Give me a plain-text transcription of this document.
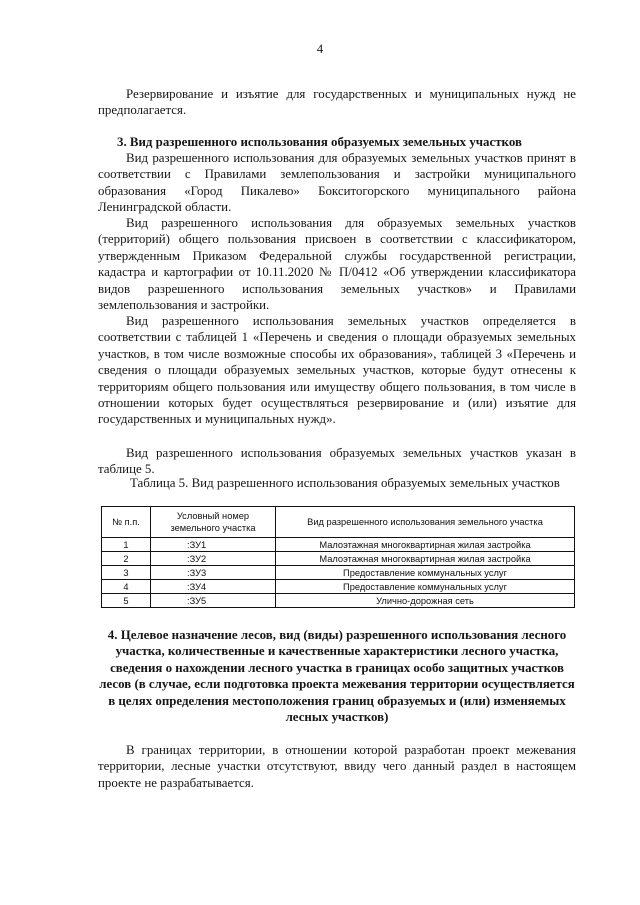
4

Резервирование и изъятие для государственных и муниципальных нужд не предполагается.

3. Вид разрешенного использования образуемых земельных участков

Вид разрешенного использования для образуемых земельных участков принят в соответствии с Правилами землепользования и застройки муниципального образования «Город Пикалево» Бокситогорского муниципального района Ленинградской области.

Вид разрешенного использования для образуемых земельных участков (территорий) общего пользования присвоен в соответствии с классификатором, утвержденным Приказом Федеральной службы государственной регистрации, кадастра и картографии от 10.11.2020 № П/0412 «Об утверждении классификатора видов разрешенного использования земельных участков» и Правилами землепользования и застройки.

Вид разрешенного использования земельных участков определяется в соответствии с таблицей 1 «Перечень и сведения о площади образуемых земельных участков, в том числе возможные способы их образования», таблицей 3 «Перечень и сведения о площади образуемых земельных участков, которые будут отнесены к территориям общего пользования или имуществу общего пользования, в том числе в отношении которых будет осуществляться резервирование и (или) изъятие для государственных и муниципальных нужд».

Вид разрешенного использования образуемых земельных участков указан в таблице 5.

Таблица 5. Вид разрешенного использования образуемых земельных участков

№ п.п.	Условный номер земельного участка	Вид разрешенного использования земельного участка
1	:ЗУ1	Малоэтажная многоквартирная жилая застройка
2	:ЗУ2	Малоэтажная многоквартирная жилая застройка
3	:ЗУ3	Предоставление коммунальных услуг
4	:ЗУ4	Предоставление коммунальных услуг
5	:ЗУ5	Улично-дорожная сеть

4. Целевое назначение лесов, вид (виды) разрешенного использования лесного участка, количественные и качественные характеристики лесного участка, сведения о нахождении лесного участка в границах особо защитных участков лесов (в случае, если подготовка проекта межевания территории осуществляется в целях определения местоположения границ образуемых и (или) изменяемых лесных участков)

В границах территории, в отношении которой разработан проект межевания территории, лесные участки отсутствуют, ввиду чего данный раздел в настоящем проекте не разрабатывается.
